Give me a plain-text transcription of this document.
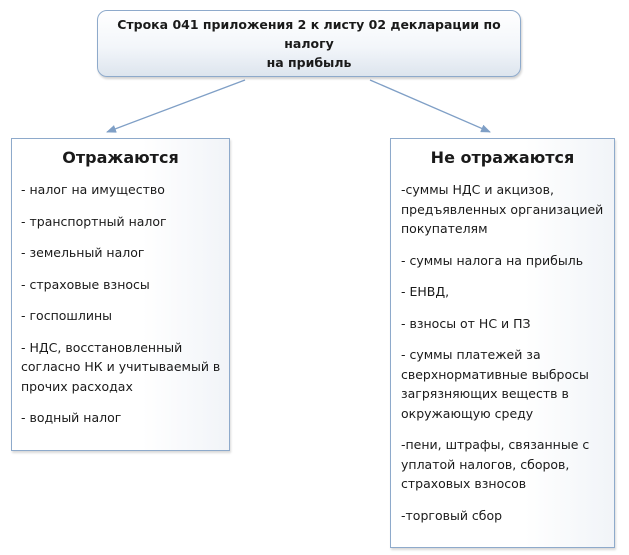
Строка 041 приложения 2 к листу 02 декларации по налогу
на прибыль
Отражаются
- налог на имущество
- транспортный налог
- земельный налог
- страховые взносы
- госпошлины
- НДС, восстановленный
согласно НК и учитываемый в
прочих расходах
- водный налог
Не отражаются
-суммы НДС и акцизов,
предъявленных организацией
покупателям
- суммы налога на прибыль
- ЕНВД,
- взносы от НС и ПЗ
- суммы платежей за
сверхнормативные выбросы
загрязняющих веществ в
окружающую среду
-пени, штрафы, связанные с
уплатой налогов, сборов,
страховых взносов
-торговый сбор
